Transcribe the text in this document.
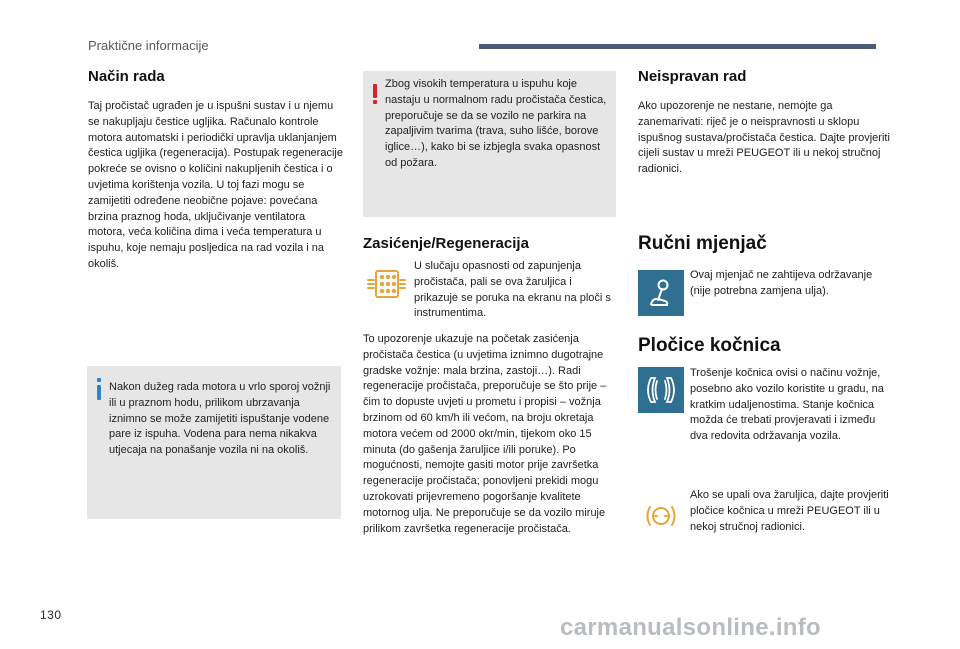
Praktične informacije
Način rada

Taj pročistač ugrađen je u ispušni sustav i u njemu se nakupljaju čestice ugljika. Računalo kontrole motora automatski i periodički upravlja uklanjanjem čestica ugljika (regeneracija). Postupak regeneracije pokreće se ovisno o količini nakupljenih čestica i o uvjetima korištenja vozila. U toj fazi mogu se zamijetiti određene neobične pojave: povećana brzina praznog hoda, uključivanje ventilatora motora, veća količina dima i veća temperatura u ispuhu, koje nemaju posljedica na rad vozila i na okoliš.

Nakon dužeg rada motora u vrlo sporoj vožnji ili u praznom hodu, prilikom ubrzavanja iznimno se može zamijetiti ispuštanje vodene pare iz ispuha. Vodena para nema nikakva utjecaja na ponašanje vozila ni na okoliš.

Zbog visokih temperatura u ispuhu koje nastaju u normalnom radu pročistača čestica, preporučuje se da se vozilo ne parkira na zapaljivim tvarima (trava, suho lišće, borove iglice…), kako bi se izbjegla svaka opasnost od požara.

Zasićenje/Regeneracija

U slučaju opasnosti od zapunjenja pročistača, pali se ova žaruljica i prikazuje se poruka na ekranu na ploči s instrumentima.

To upozorenje ukazuje na početak zasićenja pročistača čestica (u uvjetima iznimno dugotrajne gradske vožnje: mala brzina, zastoji…). Radi regeneracije pročistača, preporučuje se što prije – čim to dopuste uvjeti u prometu i propisi – vožnja brzinom od 60 km/h ili većom, na broju okretaja motora većem od 2000 okr/min, tijekom oko 15 minuta (do gašenja žaruljice i/ili poruke). Po mogućnosti, nemojte gasiti motor prije završetka regeneracije pročistača; ponovljeni prekidi mogu uzrokovati prijevremeno pogoršanje kvalitete motornog ulja. Ne preporučuje se da vozilo miruje prilikom završetka regeneracije pročistača.

Neispravan rad

Ako upozorenje ne nestane, nemojte ga zanemarivati: riječ je o neispravnosti u sklopu ispušnog sustava/pročistača čestica. Dajte provjeriti cijeli sustav u mreži PEUGEOT ili u nekoj stručnoj radionici.

Ručni mjenjač

Ovaj mjenjač ne zahtijeva održavanje (nije potrebna zamjena ulja).

Pločice kočnica

Trošenje kočnica ovisi o načinu vožnje, posebno ako vozilo koristite u gradu, na kratkim udaljenostima. Stanje kočnica možda će trebati provjeravati i između dva redovita održavanja vozila.

Ako se upali ova žaruljica, dajte provjeriti pločice kočnica u mreži PEUGEOT ili u nekoj stručnoj radionici.

130	carmanualsonline.info
